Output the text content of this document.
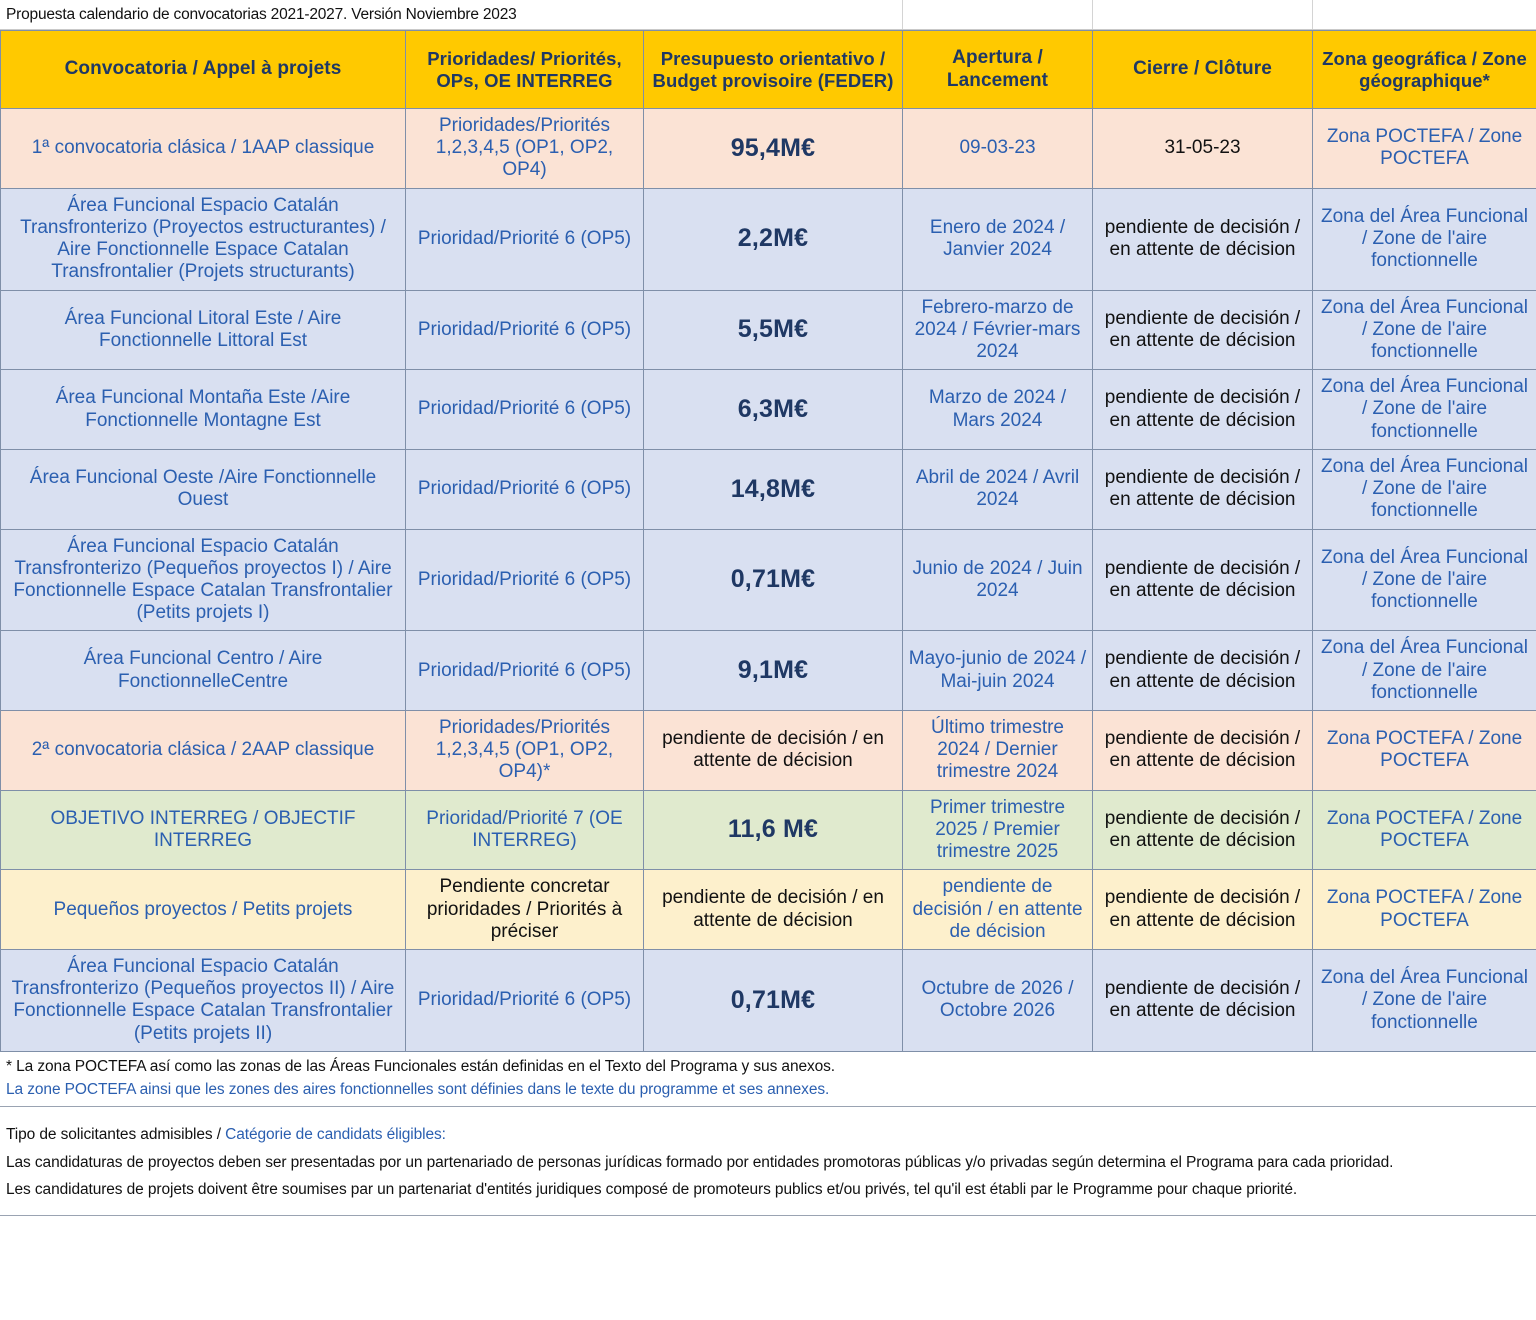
Propuesta calendario de convocatorias 2021-2027. Versión Noviembre 2023
Convocatoria / Appel à projets	Prioridades/ Priorités, OPs, OE INTERREG	Presupuesto orientativo / Budget provisoire (FEDER)	Apertura / Lancement	Cierre / Clôture	Zona geográfica / Zone géographique*
1ª convocatoria clásica / 1AAP classique	Prioridades/Priorités 1,2,3,4,5 (OP1, OP2, OP4)	95,4M€	09-03-23	31-05-23	Zona POCTEFA / Zone POCTEFA
Área Funcional Espacio Catalán Transfronterizo (Proyectos estructurantes) / Aire Fonctionnelle Espace Catalan Transfrontalier (Projets structurants)	Prioridad/Priorité 6 (OP5)	2,2M€	Enero de 2024 / Janvier 2024	pendiente de decisión / en attente de décision	Zona del Área Funcional / Zone de l'aire fonctionnelle
Área Funcional Litoral Este / Aire Fonctionnelle Littoral Est	Prioridad/Priorité 6 (OP5)	5,5M€	Febrero-marzo de 2024 / Février-mars 2024	pendiente de decisión / en attente de décision	Zona del Área Funcional / Zone de l'aire fonctionnelle
Área Funcional Montaña Este /Aire Fonctionnelle Montagne Est	Prioridad/Priorité 6 (OP5)	6,3M€	Marzo de 2024 / Mars 2024	pendiente de decisión / en attente de décision	Zona del Área Funcional / Zone de l'aire fonctionnelle
Área Funcional Oeste /Aire Fonctionnelle Ouest	Prioridad/Priorité 6 (OP5)	14,8M€	Abril de 2024 / Avril 2024	pendiente de decisión / en attente de décision	Zona del Área Funcional / Zone de l'aire fonctionnelle
Área Funcional Espacio Catalán Transfronterizo (Pequeños proyectos I) / Aire Fonctionnelle Espace Catalan Transfrontalier (Petits projets I)	Prioridad/Priorité 6 (OP5)	0,71M€	Junio de 2024 / Juin 2024	pendiente de decisión / en attente de décision	Zona del Área Funcional / Zone de l'aire fonctionnelle
Área Funcional Centro / Aire FonctionnelleCentre	Prioridad/Priorité 6 (OP5)	9,1M€	Mayo-junio de 2024 / Mai-juin 2024	pendiente de decisión / en attente de décision	Zona del Área Funcional / Zone de l'aire fonctionnelle
2ª convocatoria clásica / 2AAP classique	Prioridades/Priorités 1,2,3,4,5 (OP1, OP2, OP4)*	pendiente de decisión / en attente de décision	Último trimestre 2024 / Dernier trimestre 2024	pendiente de decisión / en attente de décision	Zona POCTEFA / Zone POCTEFA
OBJETIVO INTERREG / OBJECTIF INTERREG	Prioridad/Priorité 7 (OE INTERREG)	11,6 M€	Primer trimestre 2025 / Premier trimestre 2025	pendiente de decisión / en attente de décision	Zona POCTEFA / Zone POCTEFA
Pequeños proyectos / Petits projets	Pendiente concretar prioridades / Priorités à préciser	pendiente de decisión / en attente de décision	pendiente de decisión / en attente de décision	pendiente de decisión / en attente de décision	Zona POCTEFA / Zone POCTEFA
Área Funcional Espacio Catalán Transfronterizo (Pequeños proyectos II) / Aire Fonctionnelle Espace Catalan Transfrontalier (Petits projets II)	Prioridad/Priorité 6 (OP5)	0,71M€	Octubre de 2026 / Octobre 2026	pendiente de decisión / en attente de décision	Zona del Área Funcional / Zone de l'aire fonctionnelle
* La zona POCTEFA así como las zonas de las Áreas Funcionales están definidas en el Texto del Programa y sus anexos.
La zone POCTEFA ainsi que les zones des aires fonctionnelles sont définies dans le texte du programme et ses annexes.
Tipo de solicitantes admisibles / Catégorie de candidats éligibles:
Las candidaturas de proyectos deben ser presentadas por un partenariado de personas jurídicas formado por entidades promotoras públicas y/o privadas según determina el Programa para cada prioridad.
Les candidatures de projets doivent être soumises par un partenariat d'entités juridiques composé de promoteurs publics et/ou privés, tel qu'il est établi par le Programme pour chaque priorité.
